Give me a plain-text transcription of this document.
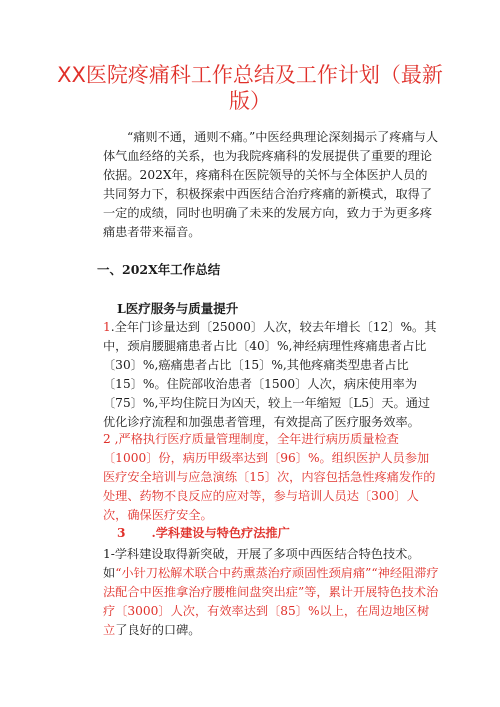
XX医院疼痛科工作总结及工作计划（最新版）

“痛则不通，通则不痛。”中医经典理论深刻揭示了疼痛与人体气血经络的关系，也为我院疼痛科的发展提供了重要的理论依据。202X年，疼痛科在医院领导的关怀与全体医护人员的共同努力下，积极探索中西医结合治疗疼痛的新模式，取得了一定的成绩，同时也明确了未来的发展方向，致力于为更多疼痛患者带来福音。

一、202X年工作总结
L医疗服务与质量提升

1.全年门诊量达到〔25000〕人次，较去年增长〔12〕%。其中，颈肩腰腿痛患者占比〔40〕%,神经病理性疼痛患者占比〔30〕%,癌痛患者占比〔15〕%,其他疼痛类型患者占比〔15〕%。住院部收治患者〔1500〕人次，病床使用率为〔75〕%,平均住院日为凶天，较上一年缩短〔L5〕天。通过优化诊疗流程和加强患者管理，有效提高了医疗服务效率。

2 ,严格执行医疗质量管理制度，全年进行病历质量检查〔1000〕份，病历甲级率达到〔96〕%。组织医护人员参加医疗安全培训与应急演练〔15〕次，内容包括急性疼痛发作的处理、药物不良反应的应对等，参与培训人员达〔300〕人次，确保医疗安全。

3 .学科建设与特色疗法推广

1-学科建设取得新突破，开展了多项中西医结合特色技术。如“小针刀松解术联合中药熏蒸治疗顽固性颈肩痛”“神经阻滞疗法配合中医推拿治疗腰椎间盘突出症”等，累计开展特色技术治疗〔3000〕人次，有效率达到〔85〕%以上，在周边地区树立了良好的口碑。
